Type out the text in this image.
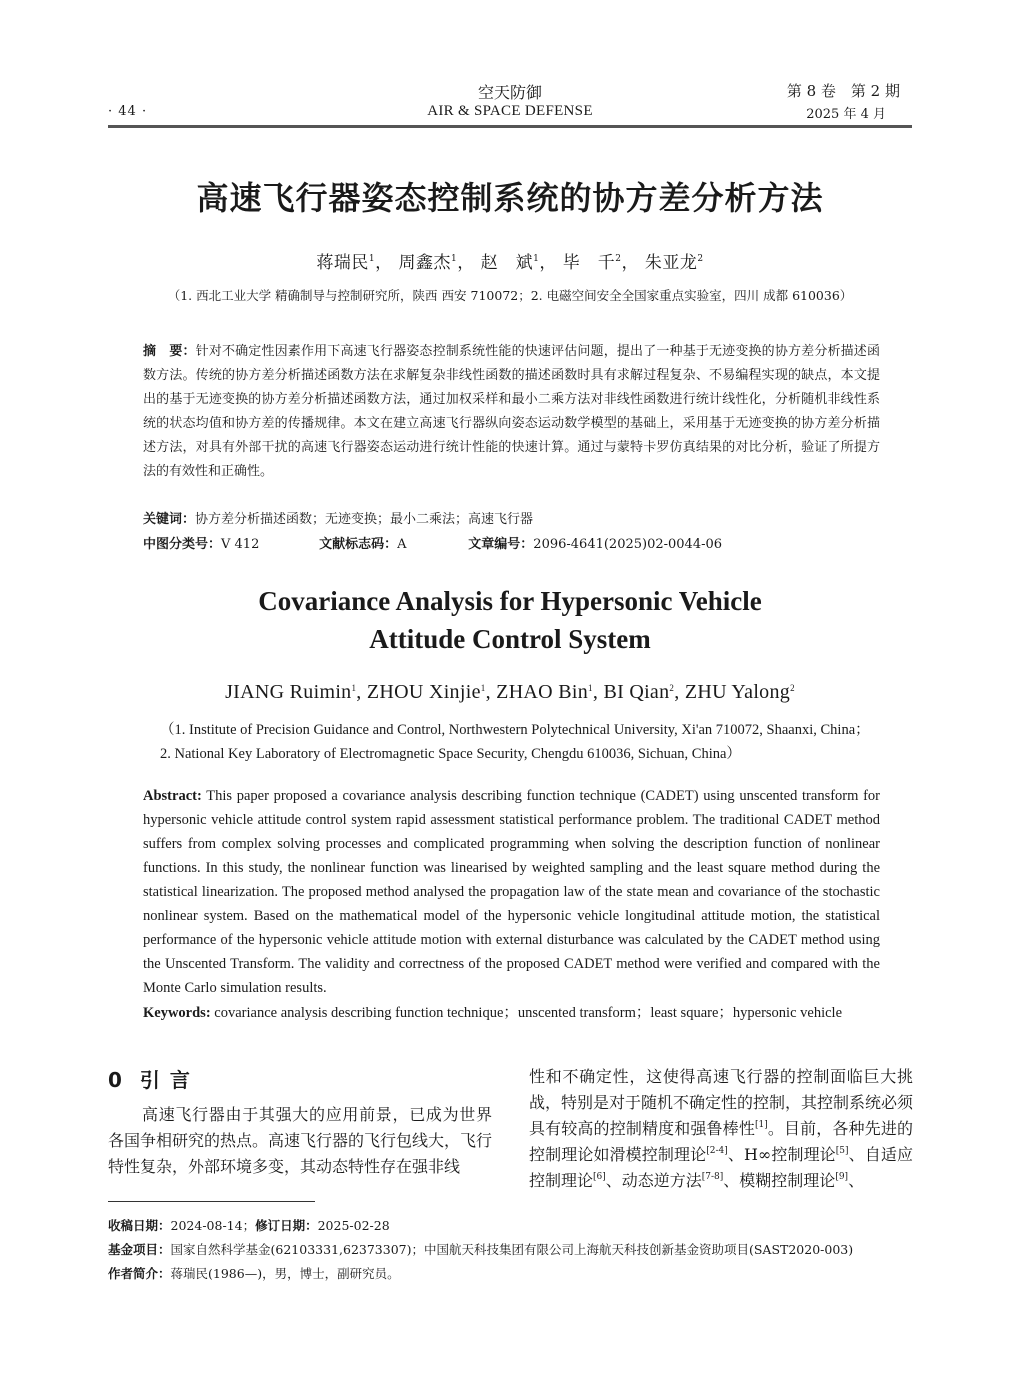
· 44 ·
空天防御
AIR & SPACE DEFENSE
第 8 卷　第 2 期
2025 年 4 月
高速飞行器姿态控制系统的协方差分析方法
蒋瑞民$^1$， 周鑫杰$^1$， 赵　斌$^1$， 毕　千$^2$， 朱亚龙$^2$
（1. 西北工业大学 精确制导与控制研究所，陕西 西安 710072；2. 电磁空间安全全国家重点实验室，四川 成都 610036）
摘　要：针对不确定性因素作用下高速飞行器姿态控制系统性能的快速评估问题，提出了一种基于无迹变换的协方差分析描述函数方法。传统的协方差分析描述函数方法在求解复杂非线性函数的描述函数时具有求解过程复杂、不易编程实现的缺点，本文提出的基于无迹变换的协方差分析描述函数方法，通过加权采样和最小二乘方法对非线性函数进行统计线性化，分析随机非线性系统的状态均值和协方差的传播规律。本文在建立高速飞行器纵向姿态运动数学模型的基础上，采用基于无迹变换的协方差分析描述方法，对具有外部干扰的高速飞行器姿态运动进行统计性能的快速计算。通过与蒙特卡罗仿真结果的对比分析，验证了所提方法的有效性和正确性。
关键词：协方差分析描述函数；无迹变换；最小二乘法；高速飞行器
中图分类号：V 412	文献标志码：A	文章编号：2096-4641(2025)02-0044-06
Covariance Analysis for Hypersonic Vehicle
Attitude Control System
JIANG Ruimin$^1$, ZHOU Xinjie$^1$, ZHAO Bin$^1$, BI Qian$^2$, ZHU Yalong$^2$
（1. Institute of Precision Guidance and Control, Northwestern Polytechnical University, Xi'an 710072, Shaanxi, China；2. National Key Laboratory of Electromagnetic Space Security, Chengdu 610036, Sichuan, China）
Abstract: This paper proposed a covariance analysis describing function technique (CADET) using unscented transform for hypersonic vehicle attitude control system rapid assessment statistical performance problem. The traditional CADET method suffers from complex solving processes and complicated programming when solving the description function of nonlinear functions. In this study, the nonlinear function was linearised by weighted sampling and the least square method during the statistical linearization. The proposed method analysed the propagation law of the state mean and covariance of the stochastic nonlinear system. Based on the mathematical model of the hypersonic vehicle longitudinal attitude motion, the statistical performance of the hypersonic vehicle attitude motion with external disturbance was calculated by the CADET method using the Unscented Transform. The validity and correctness of the proposed CADET method were verified and compared with the Monte Carlo simulation results.
Keywords: covariance analysis describing function technique；unscented transform；least square；hypersonic vehicle
0 引言
高速飞行器由于其强大的应用前景，已成为世界各国争相研究的热点。高速飞行器的飞行包线大，飞行特性复杂，外部环境多变，其动态特性存在强非线
性和不确定性，这使得高速飞行器的控制面临巨大挑战，特别是对于随机不确定性的控制，其控制系统必须具有较高的控制精度和强鲁棒性[1]。目前，各种先进的控制理论如滑模控制理论[2-4]、H∞控制理论[5]、自适应控制理论[6]、动态逆方法[7-8]、模糊控制理论[9]、
收稿日期：2024-08-14；修订日期：2025-02-28
基金项目：国家自然科学基金(62103331,62373307)；中国航天科技集团有限公司上海航天科技创新基金资助项目(SAST2020-003)
作者简介：蒋瑞民(1986—)，男，博士，副研究员。
